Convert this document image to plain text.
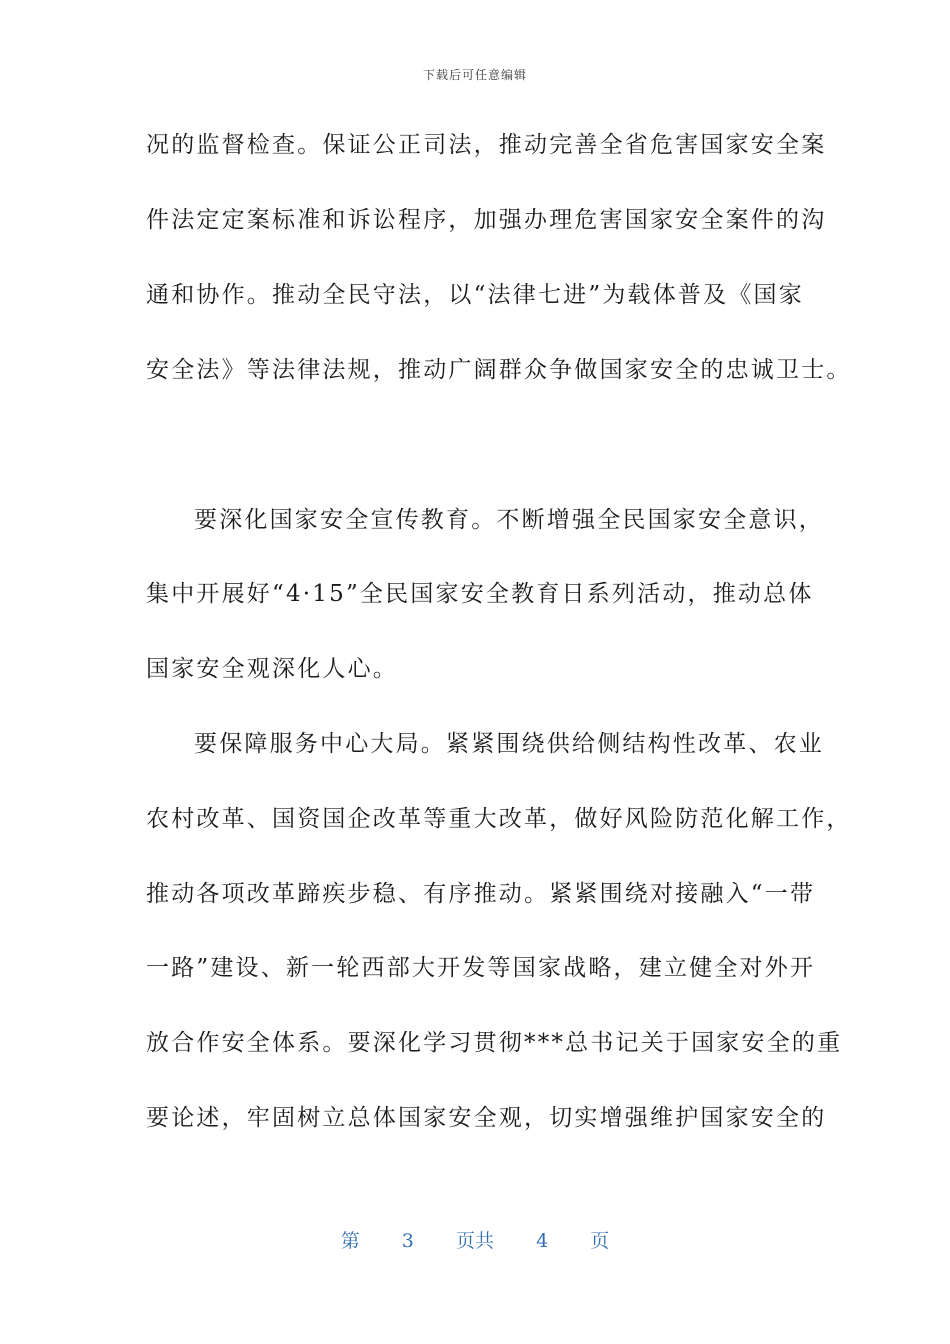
下载后可任意编辑
况的监督检查。保证公正司法，推动完善全省危害国家安全案
件法定定案标准和诉讼程序，加强办理危害国家安全案件的沟
通和协作。推动全民守法，以“法律七进”为载体普及《国家
安全法》等法律法规，推动广阔群众争做国家安全的忠诚卫士。
要深化国家安全宣传教育。不断增强全民国家安全意识，
集中开展好“4·15”全民国家安全教育日系列活动，推动总体
国家安全观深化人心。
要保障服务中心大局。紧紧围绕供给侧结构性改革、农业
农村改革、国资国企改革等重大改革，做好风险防范化解工作，
推动各项改革蹄疾步稳、有序推动。紧紧围绕对接融入“一带
一路”建设、新一轮西部大开发等国家战略，建立健全对外开
放合作安全体系。要深化学习贯彻***总书记关于国家安全的重
要论述，牢固树立总体国家安全观，切实增强维护国家安全的
第 3 页共 4 页
